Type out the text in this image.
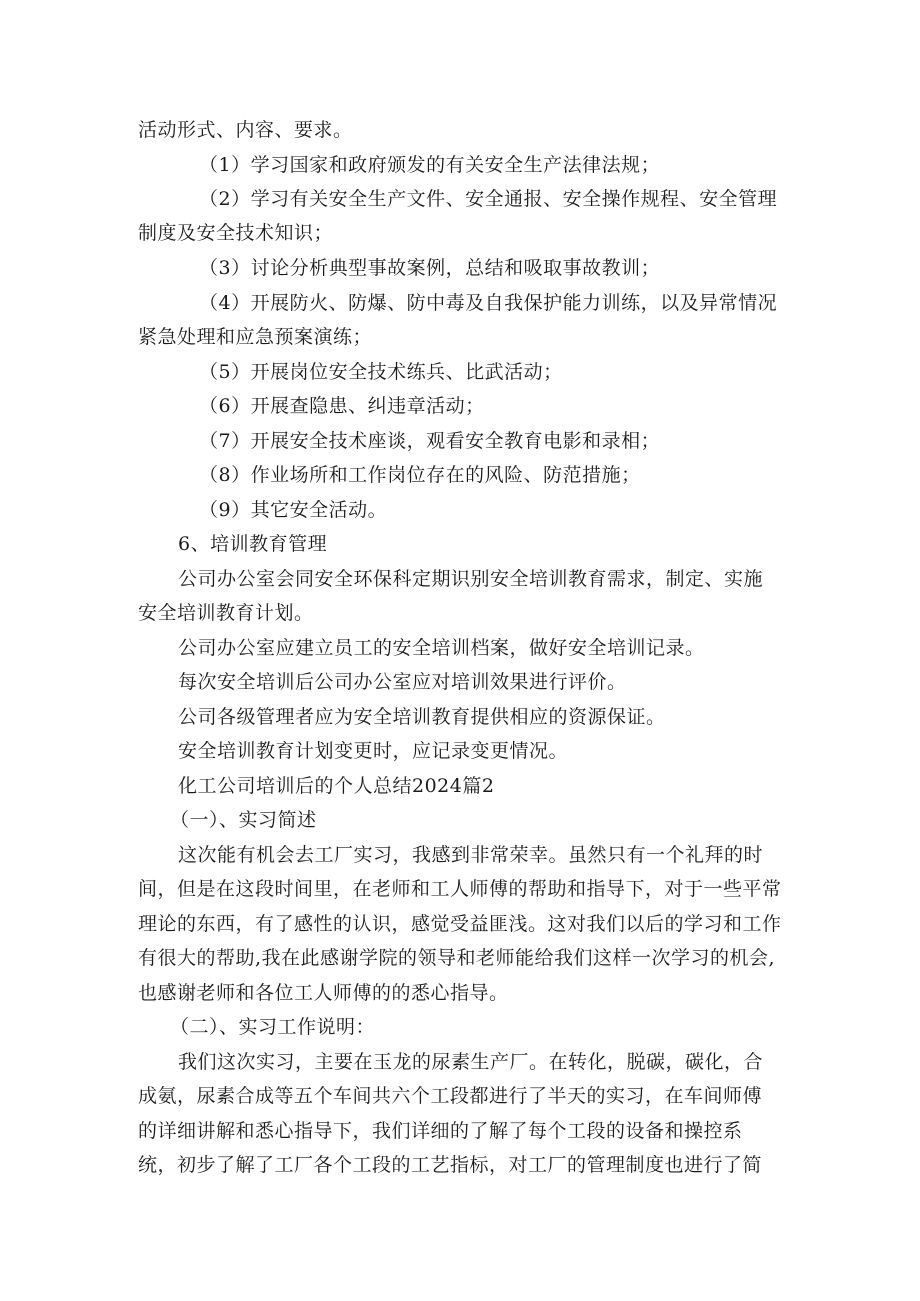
活动形式、内容、要求。
（1）学习国家和政府颁发的有关安全生产法律法规；
（2）学习有关安全生产文件、安全通报、安全操作规程、安全管理
制度及安全技术知识；
（3）讨论分析典型事故案例，总结和吸取事故教训；
（4）开展防火、防爆、防中毒及自我保护能力训练，以及异常情况
紧急处理和应急预案演练；
（5）开展岗位安全技术练兵、比武活动；
（6）开展查隐患、纠违章活动；
（7）开展安全技术座谈，观看安全教育电影和录相；
（8）作业场所和工作岗位存在的风险、防范措施；
（9）其它安全活动。
6、培训教育管理
公司办公室会同安全环保科定期识别安全培训教育需求，制定、实施
安全培训教育计划。
公司办公室应建立员工的安全培训档案，做好安全培训记录。
每次安全培训后公司办公室应对培训效果进行评价。
公司各级管理者应为安全培训教育提供相应的资源保证。
安全培训教育计划变更时，应记录变更情况。
化工公司培训后的个人总结2024篇2
（一）、实习简述
这次能有机会去工厂实习，我感到非常荣幸。虽然只有一个礼拜的时
间，但是在这段时间里，在老师和工人师傅的帮助和指导下，对于一些平常
理论的东西，有了感性的认识，感觉受益匪浅。这对我们以后的学习和工作
有很大的帮助,我在此感谢学院的领导和老师能给我们这样一次学习的机会,
也感谢老师和各位工人师傅的的悉心指导。
（二）、实习工作说明：
我们这次实习，主要在玉龙的尿素生产厂。在转化，脱碳，碳化，合
成氨，尿素合成等五个车间共六个工段都进行了半天的实习，在车间师傅
的详细讲解和悉心指导下，我们详细的了解了每个工段的设备和操控系
统，初步了解了工厂各个工段的工艺指标，对工厂的管理制度也进行了简
